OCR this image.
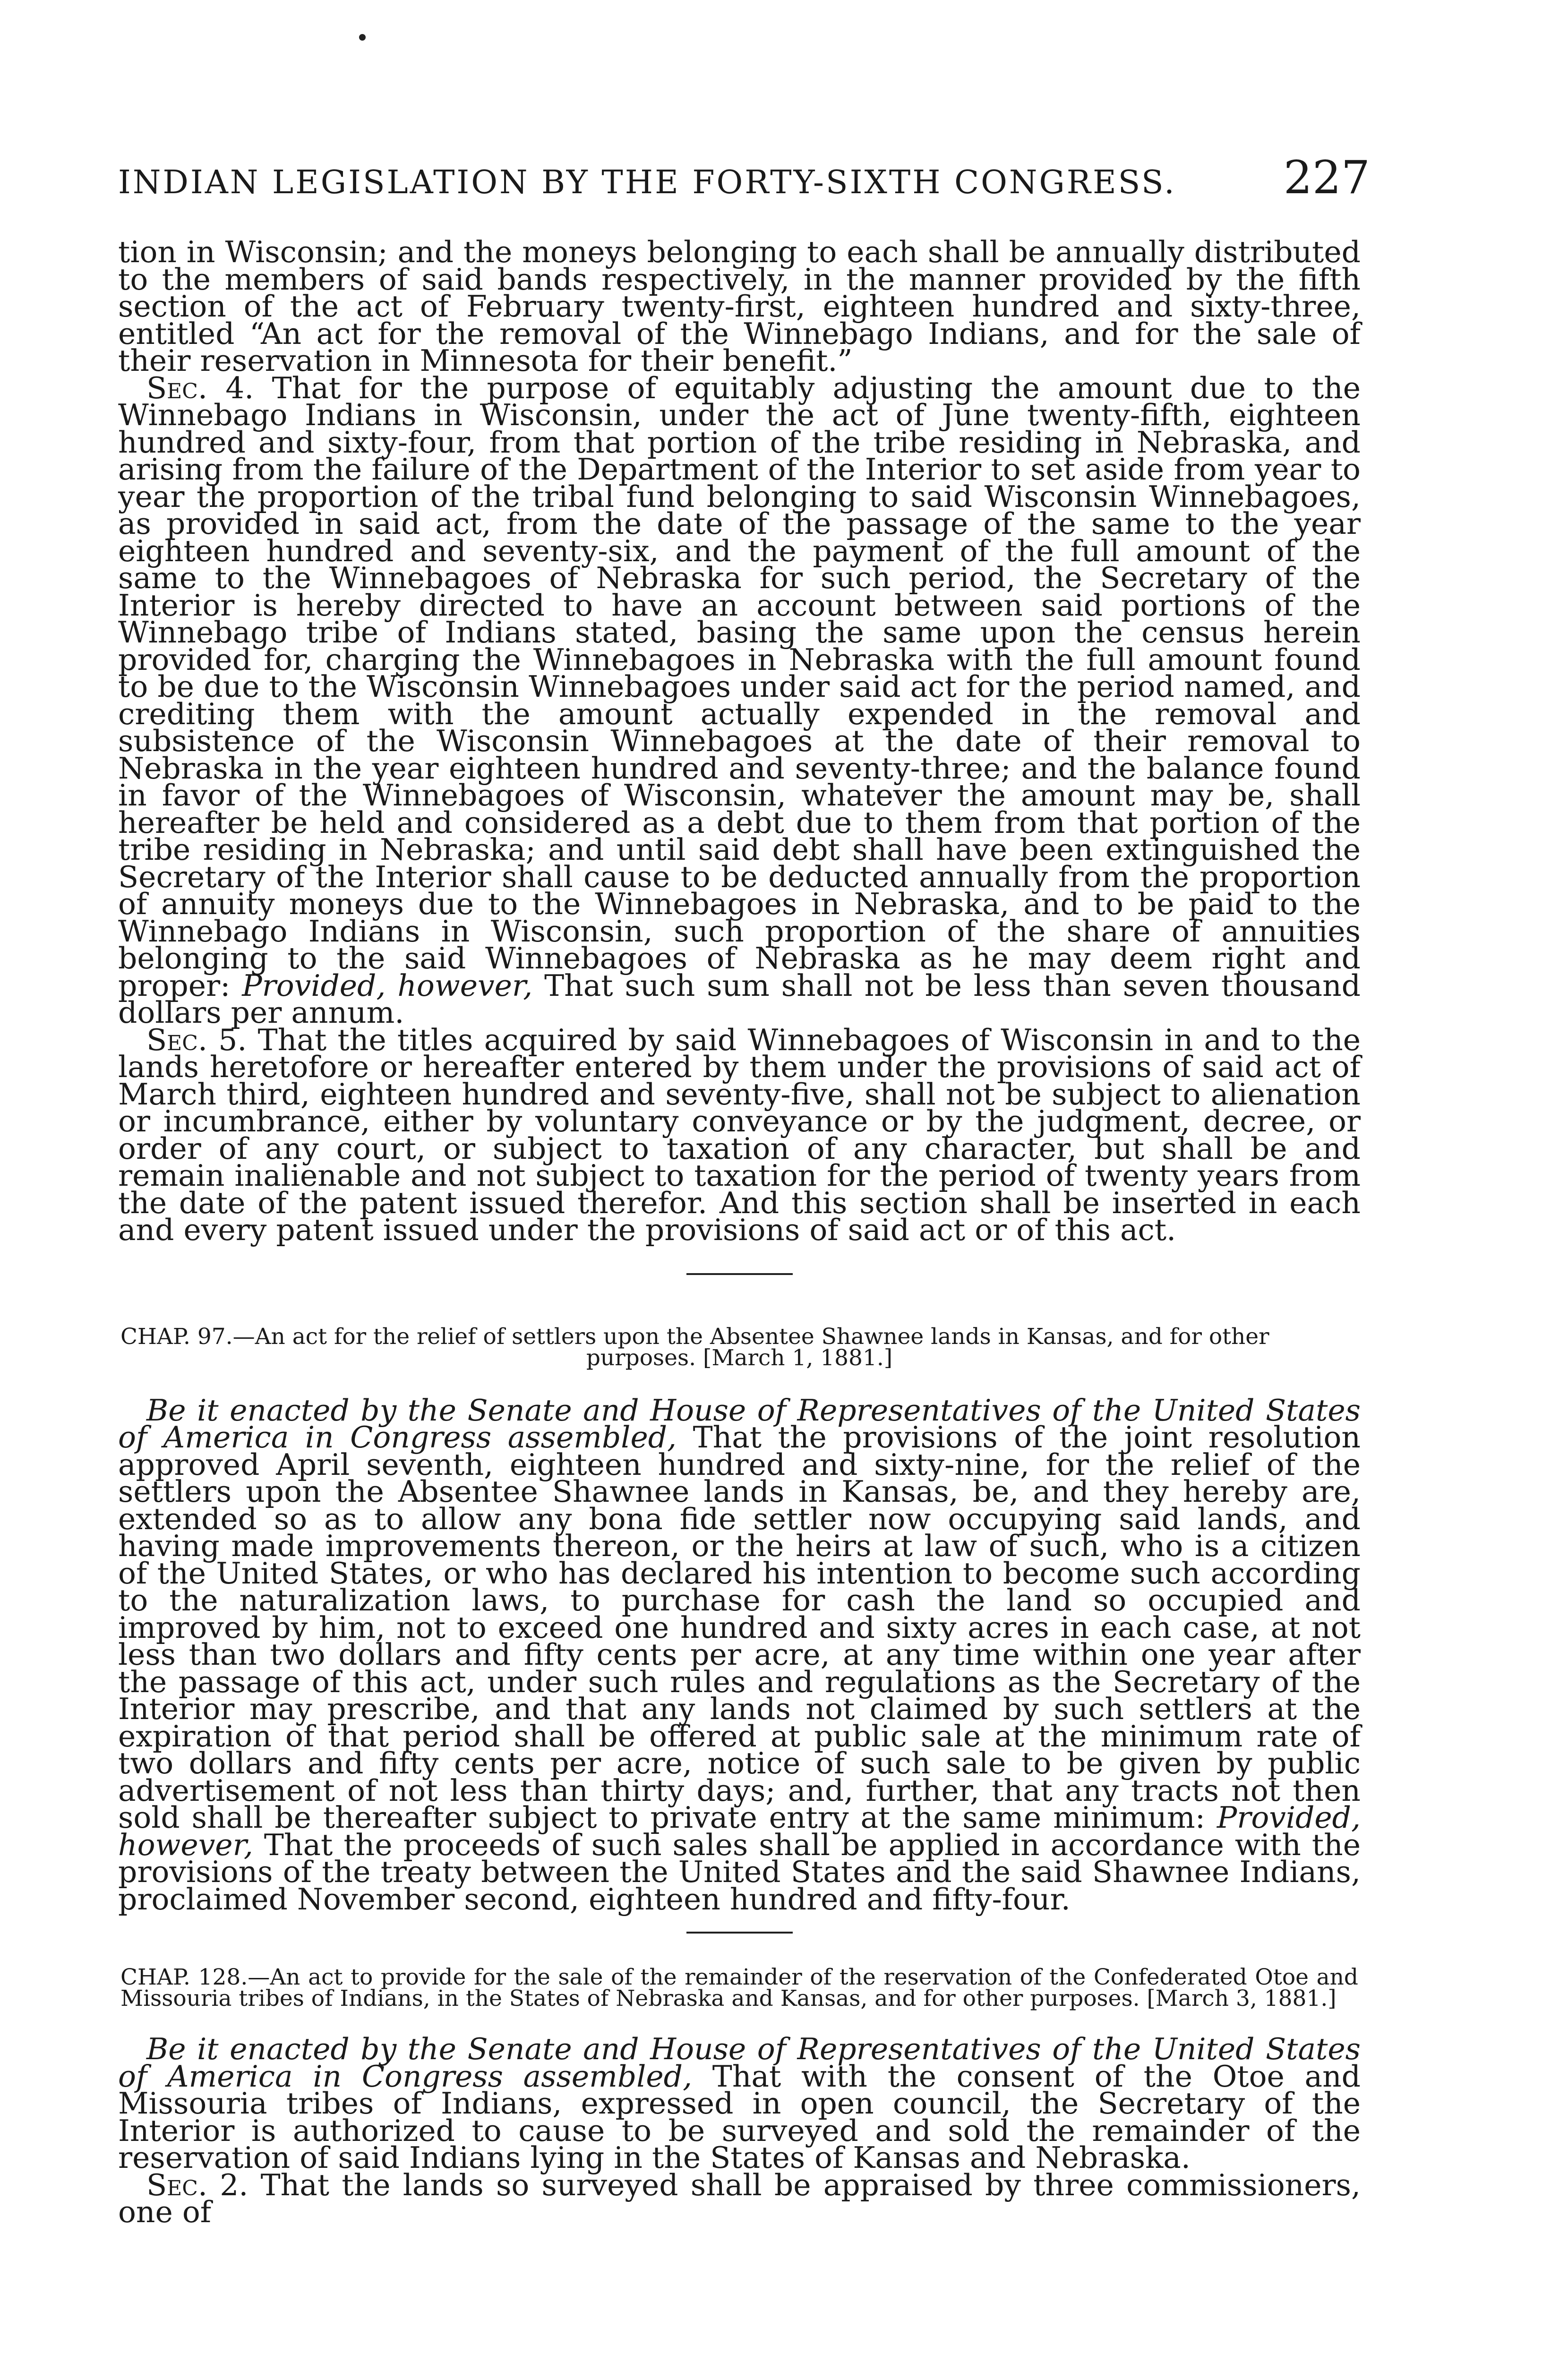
INDIAN LEGISLATION BY THE FORTY-SIXTH CONGRESS. 227

tion in Wisconsin; and the moneys belonging to each shall be annually distributed to the members of said bands respectively, in the manner provided by the fifth section of the act of February twenty-first, eighteen hundred and sixty-three, entitled “An act for the removal of the Winnebago Indians, and for the sale of their reservation in Minnesota for their benefit.”

Sec. 4. That for the purpose of equitably adjusting the amount due to the Winnebago Indians in Wisconsin, under the act of June twenty-fifth, eighteen hundred and sixty-four, from that portion of the tribe residing in Nebraska, and arising from the failure of the Department of the Interior to set aside from year to year the proportion of the tribal fund belonging to said Wisconsin Winnebagoes, as provided in said act, from the date of the passage of the same to the year eighteen hundred and seventy-six, and the payment of the full amount of the same to the Winnebagoes of Nebraska for such period, the Secretary of the Interior is hereby directed to have an account between said portions of the Winnebago tribe of Indians stated, basing the same upon the census herein provided for, charging the Winnebagoes in Nebraska with the full amount found to be due to the Wisconsin Winnebagoes under said act for the period named, and crediting them with the amount actually expended in the removal and subsistence of the Wisconsin Winnebagoes at the date of their removal to Nebraska in the year eighteen hundred and seventy-three; and the balance found in favor of the Winnebagoes of Wisconsin, whatever the amount may be, shall hereafter be held and considered as a debt due to them from that portion of the tribe residing in Nebraska; and until said debt shall have been extinguished the Secretary of the Interior shall cause to be deducted annually from the proportion of annuity moneys due to the Winnebagoes in Nebraska, and to be paid to the Winnebago Indians in Wisconsin, such proportion of the share of annuities belonging to the said Winnebagoes of Nebraska as he may deem right and proper: Provided, however, That such sum shall not be less than seven thousand dollars per annum.

Sec. 5. That the titles acquired by said Winnebagoes of Wisconsin in and to the lands heretofore or hereafter entered by them under the provisions of said act of March third, eighteen hundred and seventy-five, shall not be subject to alienation or incumbrance, either by voluntary conveyance or by the judgment, decree, or order of any court, or subject to taxation of any character, but shall be and remain inalienable and not subject to taxation for the period of twenty years from the date of the patent issued therefor. And this section shall be inserted in each and every patent issued under the provisions of said act or of this act.

CHAP. 97.—An act for the relief of settlers upon the Absentee Shawnee lands in Kansas, and for other
purposes. [March 1, 1881.]

Be it enacted by the Senate and House of Representatives of the United States of America in Congress assembled, That the provisions of the joint resolution approved April seventh, eighteen hundred and sixty-nine, for the relief of the settlers upon the Absentee Shawnee lands in Kansas, be, and they hereby are, extended so as to allow any bona fide settler now occupying said lands, and having made improvements thereon, or the heirs at law of such, who is a citizen of the United States, or who has declared his intention to become such according to the naturalization laws, to purchase for cash the land so occupied and improved by him, not to exceed one hundred and sixty acres in each case, at not less than two dollars and fifty cents per acre, at any time within one year after the passage of this act, under such rules and regulations as the Secretary of the Interior may prescribe, and that any lands not claimed by such settlers at the expiration of that period shall be offered at public sale at the minimum rate of two dollars and fifty cents per acre, notice of such sale to be given by public advertisement of not less than thirty days; and, further, that any tracts not then sold shall be thereafter subject to private entry at the same minimum: Provided, however, That the proceeds of such sales shall be applied in accordance with the provisions of the treaty between the United States and the said Shawnee Indians, proclaimed November second, eighteen hundred and fifty-four.

CHAP. 128.—An act to provide for the sale of the remainder of the reservation of the Confederated Otoe and Missouria tribes of Indians, in the States of Nebraska and Kansas, and for other purposes. [March 3, 1881.]

Be it enacted by the Senate and House of Representatives of the United States of America in Congress assembled, That with the consent of the Otoe and Missouria tribes of Indians, expressed in open council, the Secretary of the Interior is authorized to cause to be surveyed and sold the remainder of the reservation of said Indians lying in the States of Kansas and Nebraska.

Sec. 2. That the lands so surveyed shall be appraised by three commissioners, one of
